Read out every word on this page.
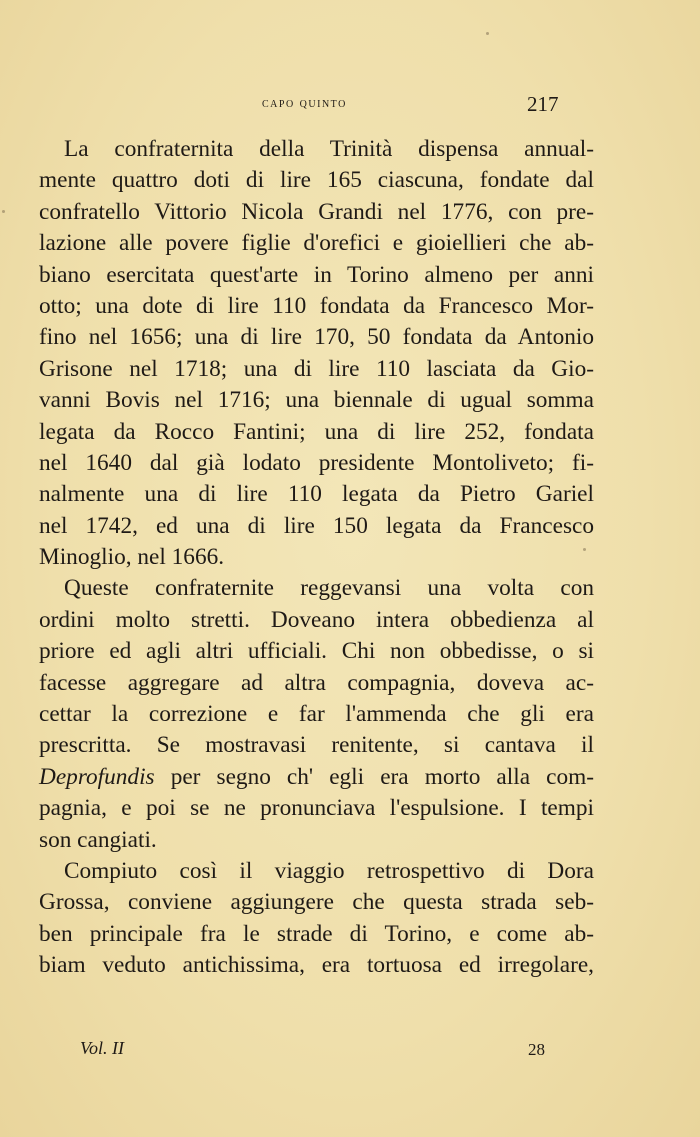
capo quinto	217
La confraternita della Trinità dispensa annual-
mente quattro doti di lire 165 ciascuna, fondate dal
confratello Vittorio Nicola Grandi nel 1776, con pre-
lazione alle povere figlie d'orefici e gioiellieri che ab-
biano esercitata quest'arte in Torino almeno per anni
otto; una dote di lire 110 fondata da Francesco Mor-
fino nel 1656; una di lire 170, 50 fondata da Antonio
Grisone nel 1718; una di lire 110 lasciata da Gio-
vanni Bovis nel 1716; una biennale di ugual somma
legata da Rocco Fantini; una di lire 252, fondata
nel 1640 dal già lodato presidente Montoliveto; fi-
nalmente una di lire 110 legata da Pietro Gariel
nel 1742, ed una di lire 150 legata da Francesco
Minoglio, nel 1666.
Queste confraternite reggevansi una volta con
ordini molto stretti. Doveano intera obbedienza al
priore ed agli altri ufficiali. Chi non obbedisse, o si
facesse aggregare ad altra compagnia, doveva ac-
cettar la correzione e far l'ammenda che gli era
prescritta. Se mostravasi renitente, si cantava il
Deprofundis per segno ch' egli era morto alla com-
pagnia, e poi se ne pronunciava l'espulsione. I tempi
son cangiati.
Compiuto così il viaggio retrospettivo di Dora
Grossa, conviene aggiungere che questa strada seb-
ben principale fra le strade di Torino, e come ab-
biam veduto antichissima, era tortuosa ed irregolare,
Vol. II	28
